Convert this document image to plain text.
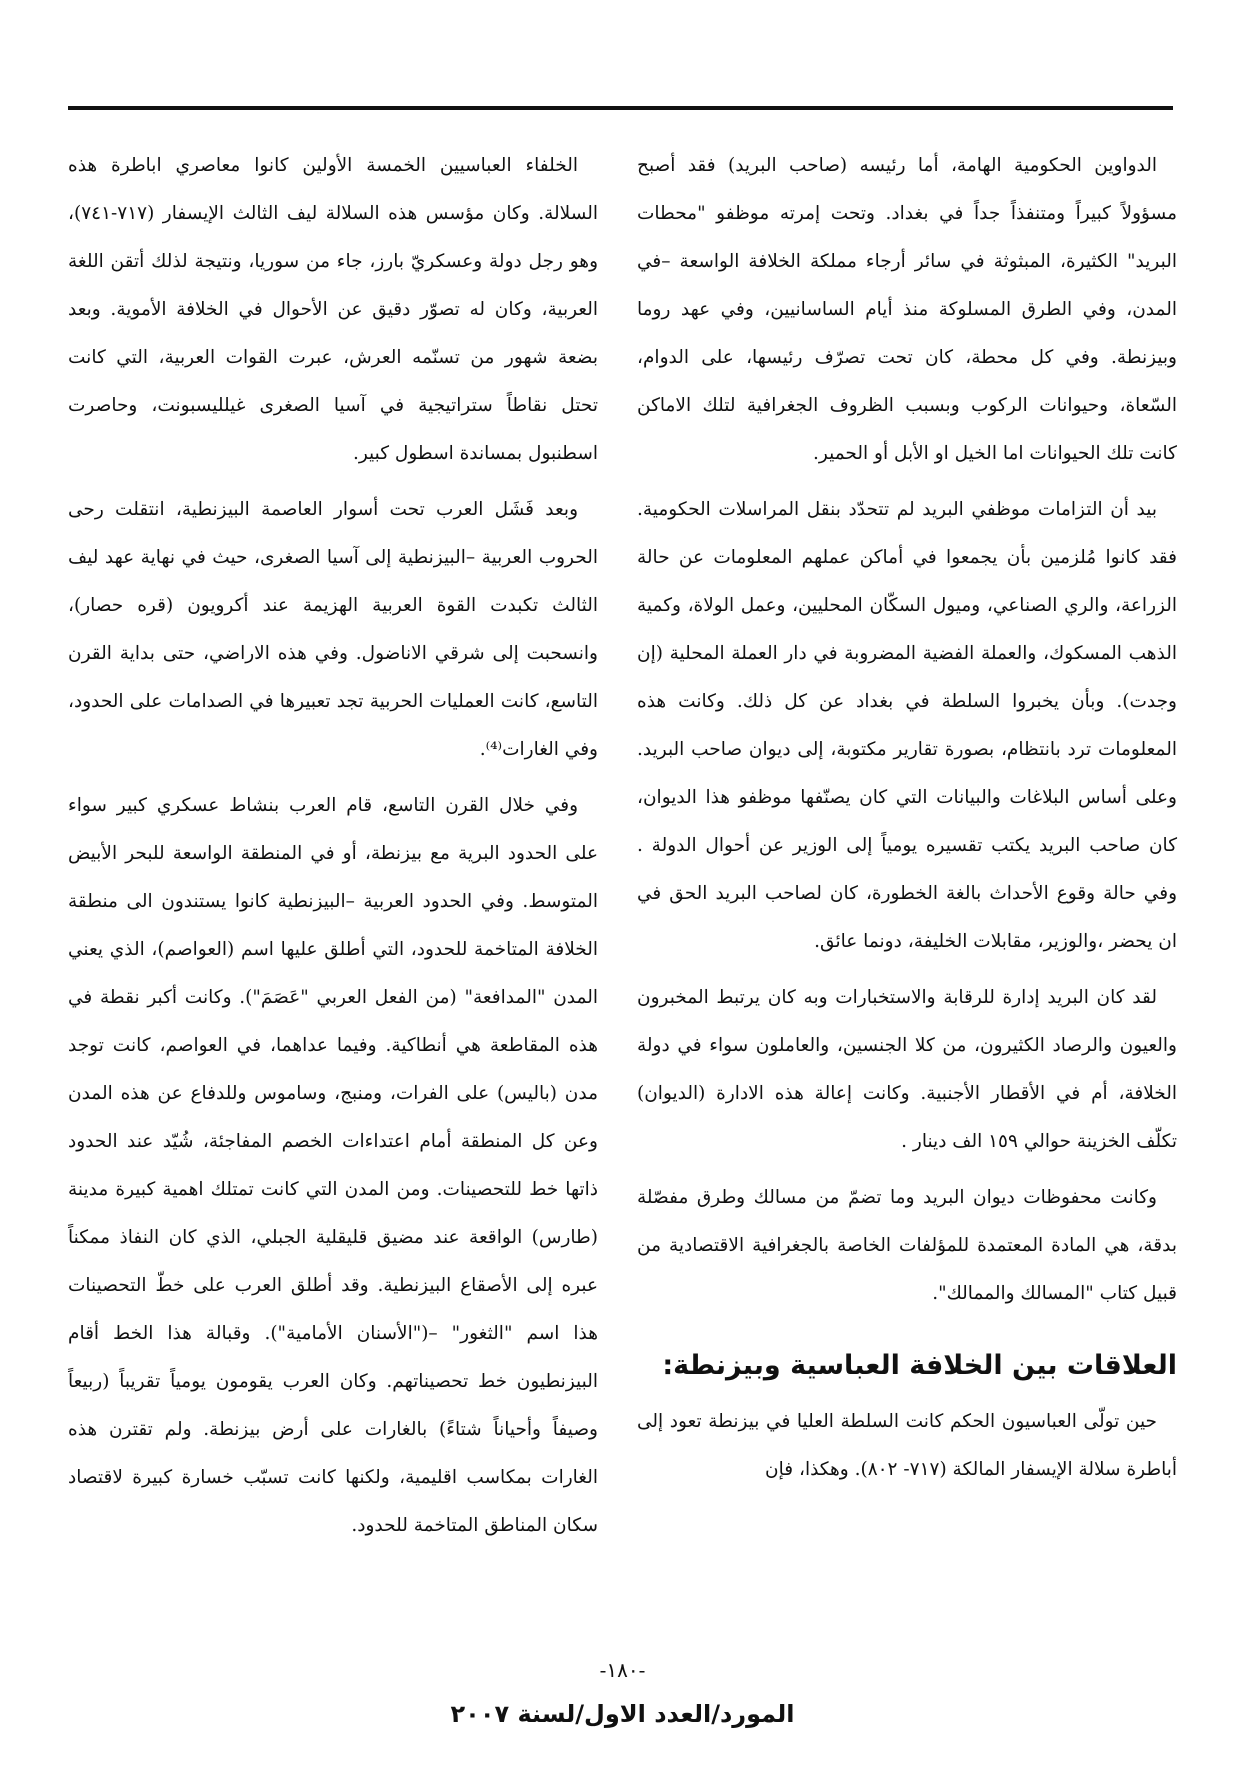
الدواوين الحكومية الهامة، أما رئيسه (صاحب البريد) فقد أصبح مسؤولاً كبيراً ومتنفذاً جداً في بغداد. وتحت إمرته موظفو "محطات البريد" الكثيرة، المبثوثة في سائر أرجاء مملكة الخلافة الواسعة –في المدن، وفي الطرق المسلوكة منذ أيام الساسانيين، وفي عهد روما وبيزنطة. وفي كل محطة، كان تحت تصرّف رئيسها، على الدوام، السّعاة، وحيوانات الركوب وبسبب الظروف الجغرافية لتلك الاماكن كانت تلك الحيوانات اما الخيل او الأبل أو الحمير.

بيد أن التزامات موظفي البريد لم تتحدّد بنقل المراسلات الحكومية. فقد كانوا مُلزمين بأن يجمعوا في أماكن عملهم المعلومات عن حالة الزراعة، والري الصناعي، وميول السكّان المحليين، وعمل الولاة، وكمية الذهب المسكوك، والعملة الفضية المضروبة في دار العملة المحلية (إن وجدت). وبأن يخبروا السلطة في بغداد عن كل ذلك. وكانت هذه المعلومات ترد بانتظام، بصورة تقارير مكتوبة، إلى ديوان صاحب البريد. وعلى أساس البلاغات والبيانات التي كان يصنّفها موظفو هذا الديوان، كان صاحب البريد يكتب تقسيره يومياً إلى الوزير عن أحوال الدولة . وفي حالة وقوع الأحداث بالغة الخطورة، كان لصاحب البريد الحق في ان يحضر ،والوزير، مقابلات الخليفة، دونما عائق.

لقد كان البريد إدارة للرقابة والاستخبارات وبه كان يرتبط المخبرون والعيون والرصاد الكثيرون، من كلا الجنسين، والعاملون سواء في دولة الخلافة، أم في الأقطار الأجنبية. وكانت إعالة هذه الادارة (الديوان) تكلّف الخزينة حوالي ١٥٩ الف دينار .

وكانت محفوظات ديوان البريد وما تضمّ من مسالك وطرق مفصّلة بدقة، هي المادة المعتمدة للمؤلفات الخاصة بالجغرافية الاقتصادية من قبيل كتاب "المسالك والممالك".

العلاقات بين الخلافة العباسية وبيزنطة:

حين تولّى العباسيون الحكم كانت السلطة العليا في بيزنطة تعود إلى أباطرة سلالة الإيسفار المالكة (٧١٧- ٨٠٢). وهكذا، فإن

الخلفاء العباسيين الخمسة الأولين كانوا معاصري اباطرة هذه السلالة. وكان مؤسس هذه السلالة ليف الثالث الإيسفار (٧١٧-٧٤١)، وهو رجل دولة وعسكريّ بارز، جاء من سوريا، ونتيجة لذلك أتقن اللغة العربية، وكان له تصوّر دقيق عن الأحوال في الخلافة الأموية. وبعد بضعة شهور من تسنّمه العرش، عبرت القوات العربية، التي كانت تحتل نقاطاً ستراتيجية في آسيا الصغرى غيلليسبونت، وحاصرت اسطنبول بمساندة اسطول كبير.

وبعد فَشَل العرب تحت أسوار العاصمة البيزنطية، انتقلت رحى الحروب العربية –البيزنطية إلى آسيا الصغرى، حيث في نهاية عهد ليف الثالث تكبدت القوة العربية الهزيمة عند أكرويون (قره حصار)، وانسحبت إلى شرقي الاناضول. وفي هذه الاراضي، حتى بداية القرن التاسع، كانت العمليات الحربية تجد تعبيرها في الصدامات على الحدود، وفي الغارات⁽⁴⁾.

وفي خلال القرن التاسع، قام العرب بنشاط عسكري كبير سواء على الحدود البرية مع بيزنطة، أو في المنطقة الواسعة للبحر الأبيض المتوسط. وفي الحدود العربية –البيزنطية كانوا يستندون الى منطقة الخلافة المتاخمة للحدود، التي أطلق عليها اسم (العواصم)، الذي يعني المدن "المدافعة" (من الفعل العربي "عَصَمَ"). وكانت أكبر نقطة في هذه المقاطعة هي أنطاكية. وفيما عداهما، في العواصم، كانت توجد مدن (باليس) على الفرات، ومنبج، وساموس وللدفاع عن هذه المدن وعن كل المنطقة أمام اعتداءات الخصم المفاجئة، شُيّد عند الحدود ذاتها خط للتحصينات. ومن المدن التي كانت تمتلك اهمية كبيرة مدينة (طارس) الواقعة عند مضيق قليقلية الجبلي، الذي كان النفاذ ممكناً عبره إلى الأصقاع البيزنطية. وقد أطلق العرب على خطّ التحصينات هذا اسم "الثغور" –("الأسنان الأمامية"). وقبالة هذا الخط أقام البيزنطيون خط تحصيناتهم. وكان العرب يقومون يومياً تقريباً (ربيعاً وصيفاً وأحياناً شتاءً) بالغارات على أرض بيزنطة. ولم تقترن هذه الغارات بمكاسب اقليمية، ولكنها كانت تسبّب خسارة كبيرة لاقتصاد سكان المناطق المتاخمة للحدود.

-١٨٠-
المورد/العدد الاول/لسنة ٢٠٠٧
